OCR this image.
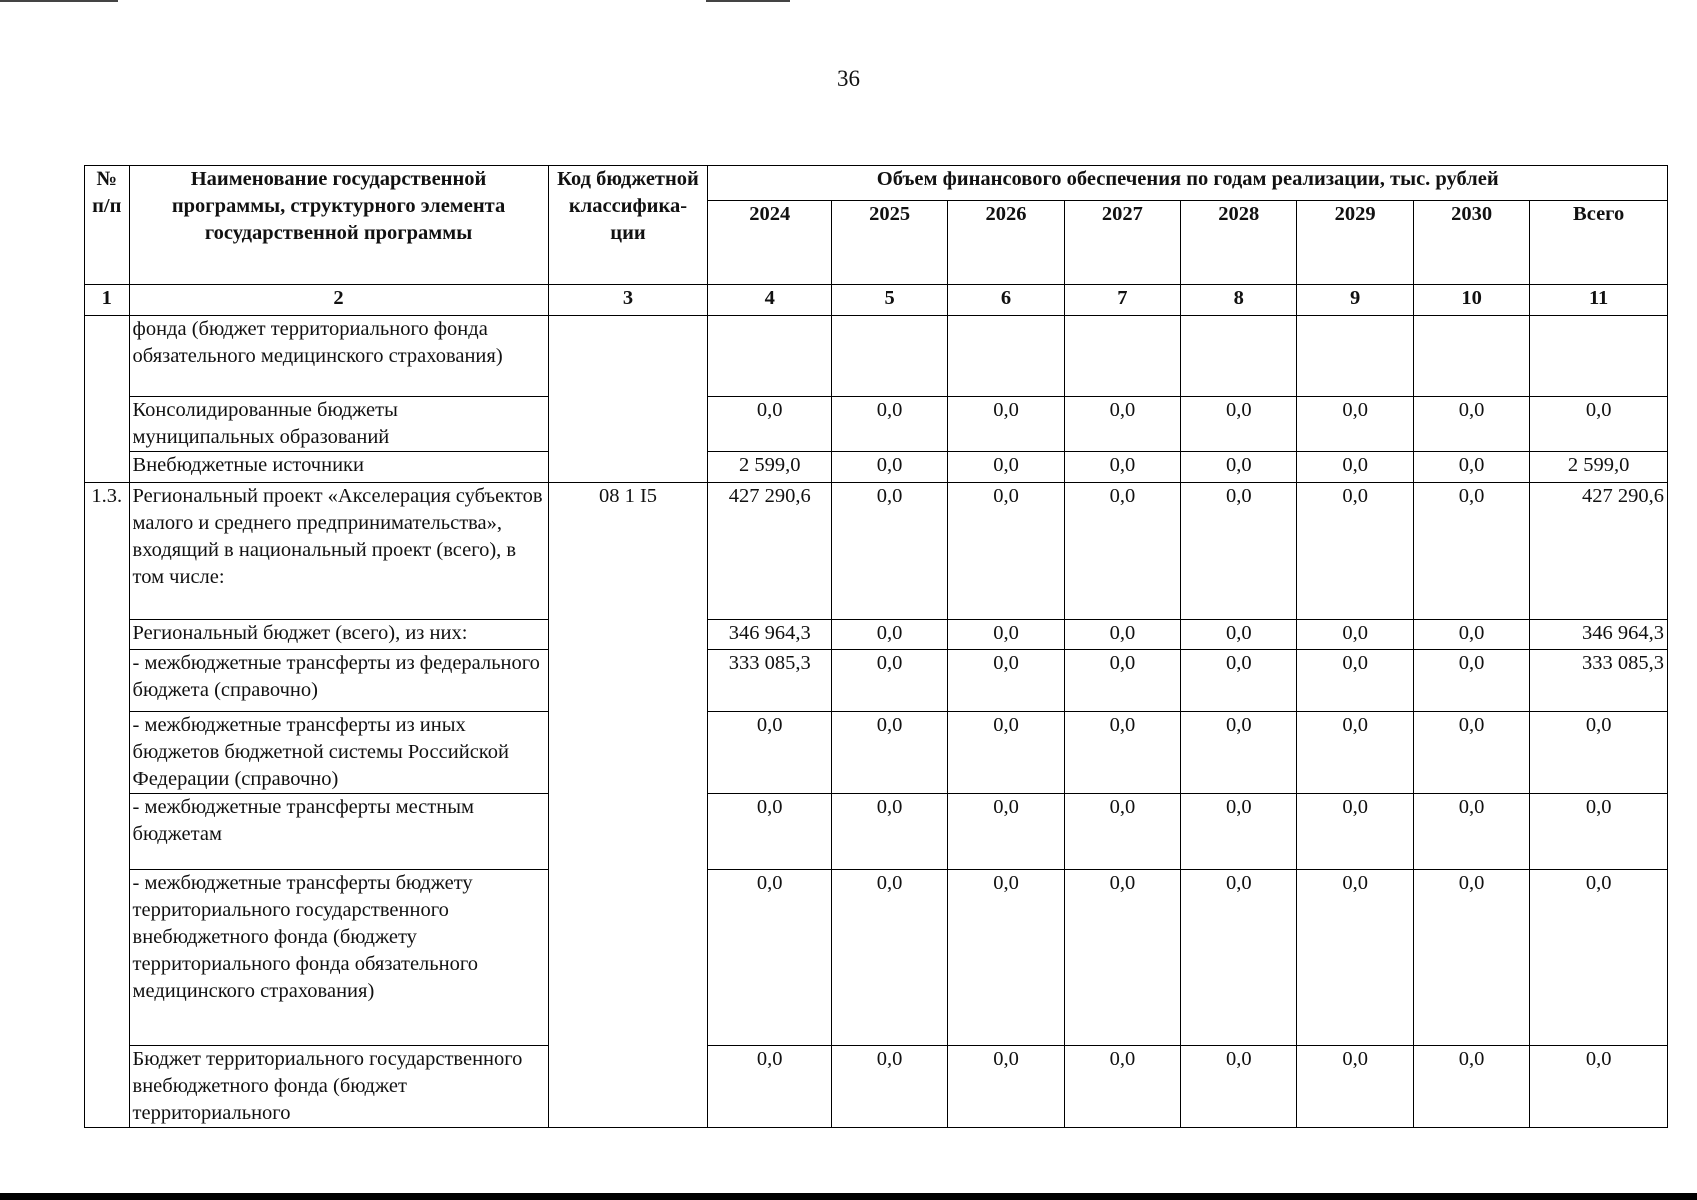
36
№ п/п	Наименование государственной программы, структурного элемента государственной программы	Код бюджетной классифика-ции	Объем финансового обеспечения по годам реализации, тыс. рублей							
			2024	2025	2026	2027	2028	2029	2030	Всего
1	2	3	4	5	6	7	8	9	10	11
	фонда (бюджет территориального фонда обязательного медицинского страхования)									
	Консолидированные бюджеты муниципальных образований		0,0	0,0	0,0	0,0	0,0	0,0	0,0	0,0
	Внебюджетные источники		2 599,0	0,0	0,0	0,0	0,0	0,0	0,0	2 599,0
1.3.	Региональный проект «Акселерация субъектов малого и среднего предпринимательства», входящий в национальный проект (всего), в том числе:	08 1 I5	427 290,6	0,0	0,0	0,0	0,0	0,0	0,0	427 290,6
	Региональный бюджет (всего), из них:		346 964,3	0,0	0,0	0,0	0,0	0,0	0,0	346 964,3
	- межбюджетные трансферты из федерального бюджета (справочно)		333 085,3	0,0	0,0	0,0	0,0	0,0	0,0	333 085,3
	- межбюджетные трансферты из иных бюджетов бюджетной системы Российской Федерации (справочно)		0,0	0,0	0,0	0,0	0,0	0,0	0,0	0,0
	- межбюджетные трансферты местным бюджетам		0,0	0,0	0,0	0,0	0,0	0,0	0,0	0,0
	- межбюджетные трансферты бюджету территориального государственного внебюджетного фонда (бюджету территориального фонда обязательного медицинского страхования)		0,0	0,0	0,0	0,0	0,0	0,0	0,0	0,0
	Бюджет территориального государственного внебюджетного фонда (бюджет территориального		0,0	0,0	0,0	0,0	0,0	0,0	0,0	0,0
